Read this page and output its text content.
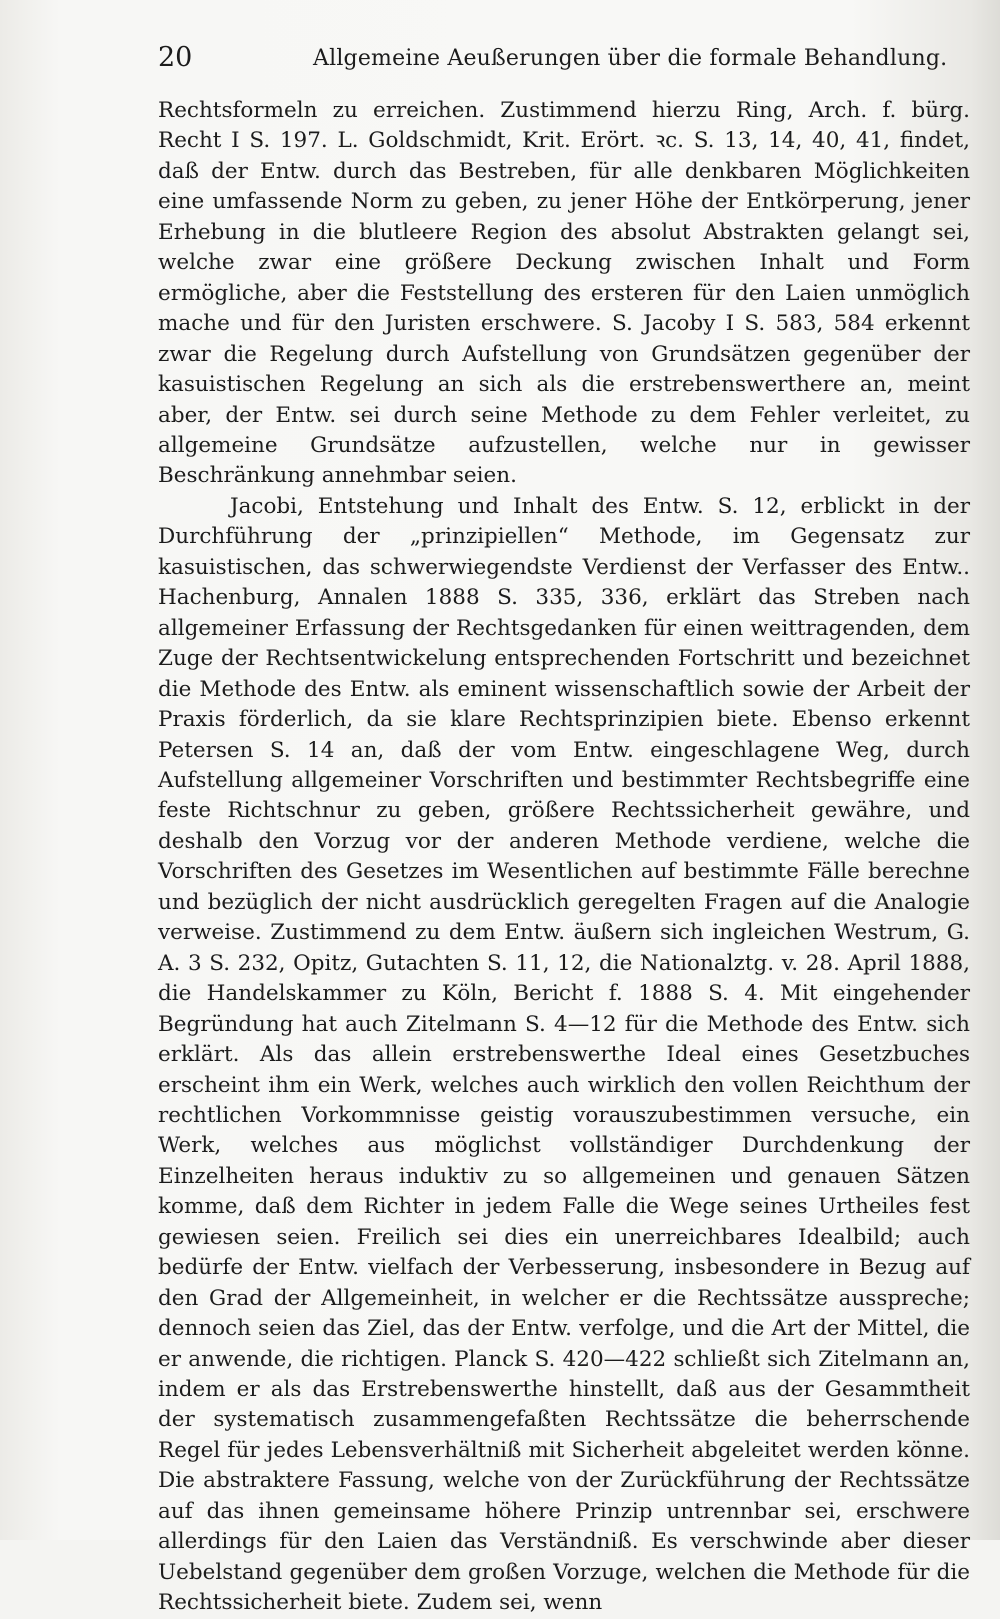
20	Allgemeine Aeußerungen über die formale Behandlung.

Rechtsformeln zu erreichen. Zustimmend hierzu Ring, Arch. f. bürg. Recht I S. 197. L. Goldschmidt, Krit. Erört. ꝛc. S. 13, 14, 40, 41, findet, daß der Entw. durch das Bestreben, für alle denkbaren Möglichkeiten eine umfassende Norm zu geben, zu jener Höhe der Entkörperung, jener Erhebung in die blutleere Region des absolut Abstrakten gelangt sei, welche zwar eine größere Deckung zwischen Inhalt und Form ermögliche, aber die Feststellung des ersteren für den Laien unmöglich mache und für den Juristen erschwere. S. Jacoby I S. 583, 584 erkennt zwar die Regelung durch Aufstellung von Grundsätzen gegenüber der kasuistischen Regelung an sich als die erstrebenswerthere an, meint aber, der Entw. sei durch seine Methode zu dem Fehler verleitet, zu allgemeine Grundsätze aufzustellen, welche nur in gewisser Beschränkung annehmbar seien.

Jacobi, Entstehung und Inhalt des Entw. S. 12, erblickt in der Durchführung der „prinzipiellen“ Methode, im Gegensatz zur kasuistischen, das schwerwiegendste Verdienst der Verfasser des Entw.. Hachenburg, Annalen 1888 S. 335, 336, erklärt das Streben nach allgemeiner Erfassung der Rechtsgedanken für einen weittragenden, dem Zuge der Rechtsentwickelung entsprechenden Fortschritt und bezeichnet die Methode des Entw. als eminent wissenschaftlich sowie der Arbeit der Praxis förderlich, da sie klare Rechtsprinzipien biete. Ebenso erkennt Petersen S. 14 an, daß der vom Entw. eingeschlagene Weg, durch Aufstellung allgemeiner Vorschriften und bestimmter Rechtsbegriffe eine feste Richtschnur zu geben, größere Rechtssicherheit gewähre, und deshalb den Vorzug vor der anderen Methode verdiene, welche die Vorschriften des Gesetzes im Wesentlichen auf bestimmte Fälle berechne und bezüglich der nicht ausdrücklich geregelten Fragen auf die Analogie verweise. Zustimmend zu dem Entw. äußern sich ingleichen Westrum, G. A. 3 S. 232, Opitz, Gutachten S. 11, 12, die Nationalztg. v. 28. April 1888, die Handelskammer zu Köln, Bericht f. 1888 S. 4. Mit eingehender Begründung hat auch Zitelmann S. 4—12 für die Methode des Entw. sich erklärt. Als das allein erstrebenswerthe Ideal eines Gesetzbuches erscheint ihm ein Werk, welches auch wirklich den vollen Reichthum der rechtlichen Vorkommnisse geistig vorauszubestimmen versuche, ein Werk, welches aus möglichst vollständiger Durchdenkung der Einzelheiten heraus induktiv zu so allgemeinen und genauen Sätzen komme, daß dem Richter in jedem Falle die Wege seines Urtheiles fest gewiesen seien. Freilich sei dies ein unerreichbares Idealbild; auch bedürfe der Entw. vielfach der Verbesserung, insbesondere in Bezug auf den Grad der Allgemeinheit, in welcher er die Rechtssätze ausspreche; dennoch seien das Ziel, das der Entw. verfolge, und die Art der Mittel, die er anwende, die richtigen. Planck S. 420—422 schließt sich Zitelmann an, indem er als das Erstrebenswerthe hinstellt, daß aus der Gesammtheit der systematisch zusammengefaßten Rechtssätze die beherrschende Regel für jedes Lebensverhältniß mit Sicherheit abgeleitet werden könne. Die abstraktere Fassung, welche von der Zurückführung der Rechtssätze auf das ihnen gemeinsame höhere Prinzip untrennbar sei, erschwere allerdings für den Laien das Verständniß. Es verschwinde aber dieser Uebelstand gegenüber dem großen Vorzuge, welchen die Methode für die Rechtssicherheit biete. Zudem sei, wenn
